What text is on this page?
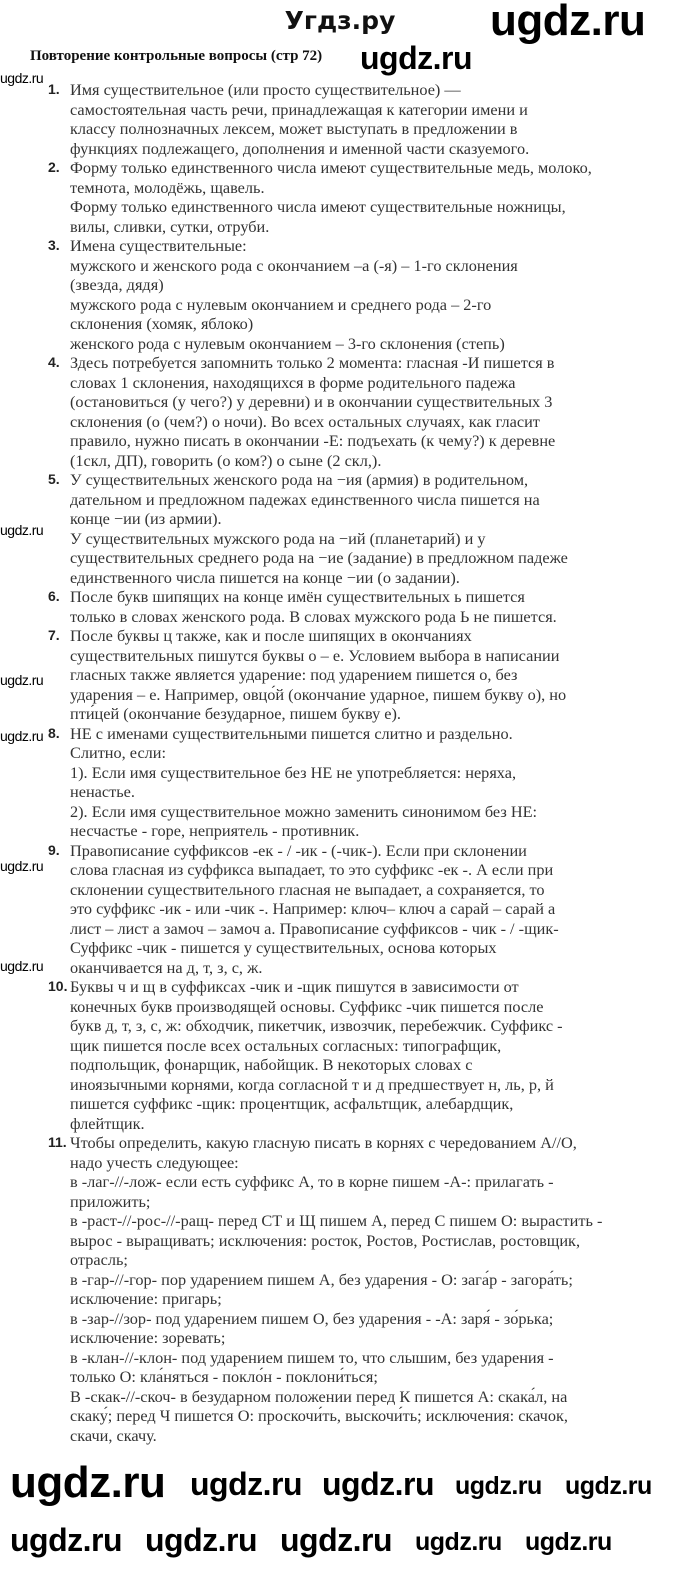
Угдз.ру
Повторение контрольные вопросы (стр 72)
1. Имя существительное (или просто существительное) —
самостоятельная часть речи, принадлежащая к категории имени и
классу полнозначных лексем, может выступать в предложении в
функциях подлежащего, дополнения и именной части сказуемого.
2. Форму только единственного числа имеют существительные медь, молоко,
темнота, молодёжь, щавель.
Форму только единственного числа имеют существительные ножницы,
вилы, сливки, сутки, отруби.
3. Имена существительные:
мужского и женского рода с окончанием –а (-я) – 1-го склонения
(звезда, дядя)
мужского рода с нулевым окончанием и среднего рода – 2-го
склонения (хомяк, яблоко)
женского рода с нулевым окончанием – 3-го склонения (степь)
4. Здесь потребуется запомнить только 2 момента: гласная -И пишется в
словах 1 склонения, находящихся в форме родительного падежа
(остановиться (у чего?) у деревни) и в окончании существительных 3
склонения (о (чем?) о ночи). Во всех остальных случаях, как гласит
правило, нужно писать в окончании -Е: подъехать (к чему?) к деревне
(1скл, ДП), говорить (о ком?) о сыне (2 скл,).
5. У существительных женского рода на −ия (армия) в родительном,
дательном и предложном падежах единственного числа пишется на
конце −ии (из армии).
У существительных мужского рода на −ий (планетарий) и у
существительных среднего рода на −ие (задание) в предложном падеже
единственного числа пишется на конце −ии (о задании).
6. После букв шипящих на конце имён существительных ь пишется
только в словах женского рода. В словах мужского рода Ь не пишется.
7. После буквы ц также, как и после шипящих в окончаниях
существительных пишутся буквы о – е. Условием выбора в написании
гласных также является ударение: под ударением пишется о, без
ударения – е. Например, овцо́й (окончание ударное, пишем букву о), но
пти́цей (окончание безударное, пишем букву е).
8. НЕ с именами существительными пишется слитно и раздельно.
Слитно, если:
1). Если имя существительное без НЕ не употребляется: неряха,
ненастье.
2). Если имя существительное можно заменить синонимом без НЕ:
несчастье - горе, неприятель - противник.
9. Правописание суффиксов -ек - / -ик - (-чик-). Если при склонении
слова гласная из суффикса выпадает, то это суффикс -ек -. А если при
склонении существительного гласная не выпадает, а сохраняется, то
это суффикс -ик - или -чик -. Например: ключ– ключ а сарай – сарай а
лист – лист а замоч – замоч а. Правописание суффиксов - чик - / -щик-
Суффикс -чик - пишется у существительных, основа которых
оканчивается на д, т, з, с, ж.
10. Буквы ч и щ в суффиксах -чик и -щик пишутся в зависимости от
конечных букв производящей основы. Суффикс -чик пишется после
букв д, т, з, с, ж: обходчик, пикетчик, извозчик, перебежчик. Суффикс -
щик пишется после всех остальных согласных: типографщик,
подпольщик, фонарщик, набойщик. В некоторых словах с
иноязычными корнями, когда согласной т и д предшествует н, ль, р, й
пишется суффикс -щик: процентщик, асфальтщик, алебардщик,
флейтщик.
11. Чтобы определить, какую гласную писать в корнях с чередованием А//О,
надо учесть следующее:
в -лаг-//-лож- если есть суффикс А, то в корне пишем -А-: прилагать -
приложить;
в -раст-//-рос-//-ращ- перед СТ и Щ пишем А, перед С пишем О: вырастить -
вырос - выращивать; исключения: росток, Ростов, Ростислав, ростовщик,
отрасль;
в -гар-//-гор- пор ударением пишем А, без ударения - О: зага́р - загора́ть;
исключение: пригарь;
в -зар-//зор- под ударением пишем О, без ударения - -А: заря́ - зо́рька;
исключение: зоревать;
в -клан-//-клон- под ударением пишем то, что слышим, без ударения -
только О: кла́няться - покло́н - поклони́ться;
В -скак-//-скоч- в безударном положении перед К пишется А: скака́л, на
скаку́; перед Ч пишется О: проскочи́ть, выскочи́ть; исключения: скачок,
скачи, скачу.
ugdz.ru
ugdz.ru
ugdz.ru
ugdz.ru
ugdz.ru
ugdz.ru
ugdz.ru
ugdz.ru
ugdz.ru ugdz.ru ugdz.ru ugdz.ru ugdz.ru
ugdz.ru ugdz.ru ugdz.ru ugdz.ru ugdz.ru
